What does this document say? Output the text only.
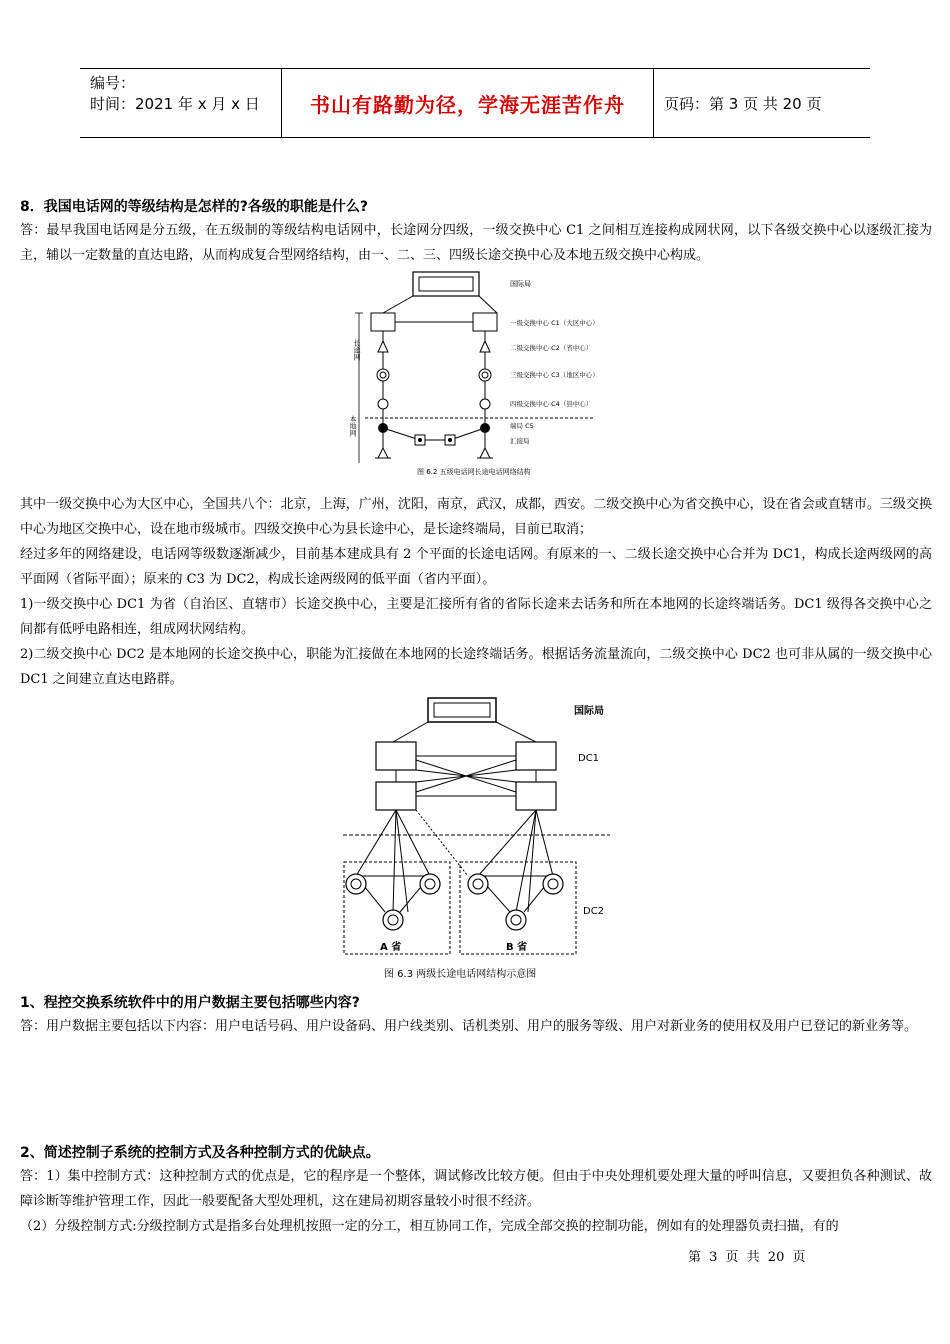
编号：
时间：2021 年 x 月 x 日	书山有路勤为径，学海无涯苦作舟	页码：第 3 页 共 20 页
8．我国电话网的等级结构是怎样的?各级的职能是什么?
答：最早我国电话网是分五级，在五级制的等级结构电话网中，长途网分四级，一级交换中心 C1 之间相互连接构成网状网，以下各级交换中心以逐级汇接为主，辅以一定数量的直达电路，从而构成复合型网络结构，由一、二、三、四级长途交换中心及本地五级交换中心构成。
长途网
本地网
国际局
一级交换中心 C1（大区中心）
二级交换中心 C2（省中心）
三级交换中心 C3（地区中心）
四级交换中心 C4（县中心）
端局 C5
汇接局
图 6.2 五级电话网长途电话网络结构
其中一级交换中心为大区中心，全国共八个：北京，上海，广州，沈阳，南京，武汉，成都，西安。二级交换中心为省交换中心，设在省会或直辖市。三级交换中心为地区交换中心，设在地市级城市。四级交换中心为县长途中心，是长途终端局，目前已取消；
经过多年的网络建设，电话网等级数逐渐减少，目前基本建成具有 2 个平面的长途电话网。有原来的一、二级长途交换中心合并为 DC1，构成长途两级网的高平面网（省际平面）；原来的 C3 为 DC2，构成长途两级网的低平面（省内平面）。
1)一级交换中心 DC1 为省（自治区、直辖市）长途交换中心，主要是汇接所有省的省际长途来去话务和所在本地网的长途终端话务。DC1 级得各交换中心之间都有低呼电路相连，组成网状网结构。
2)二级交换中心 DC2 是本地网的长途交换中心，职能为汇接做在本地网的长途终端话务。根据话务流量流向，二级交换中心 DC2 也可非从属的一级交换中心 DC1 之间建立直达电路群。
国际局
DC1
DC2
A 省	B 省
图 6.3 两级长途电话网结构示意图
1、程控交换系统软件中的用户数据主要包括哪些内容?
答：用户数据主要包括以下内容：用户电话号码、用户设备码、用户线类别、话机类别、用户的服务等级、用户对新业务的使用权及用户已登记的新业务等。
2、简述控制子系统的控制方式及各种控制方式的优缺点。
答：1）集中控制方式：这种控制方式的优点是，它的程序是一个整体，调试修改比较方便。但由于中央处理机要处理大量的呼叫信息，又要担负各种测试、故障诊断等维护管理工作，因此一般要配备大型处理机，这在建局初期容量较小时很不经济。
（2）分级控制方式:分级控制方式是指多台处理机按照一定的分工，相互协同工作，完成全部交换的控制功能，例如有的处理器负责扫描，有的
第 3 页 共 20 页
